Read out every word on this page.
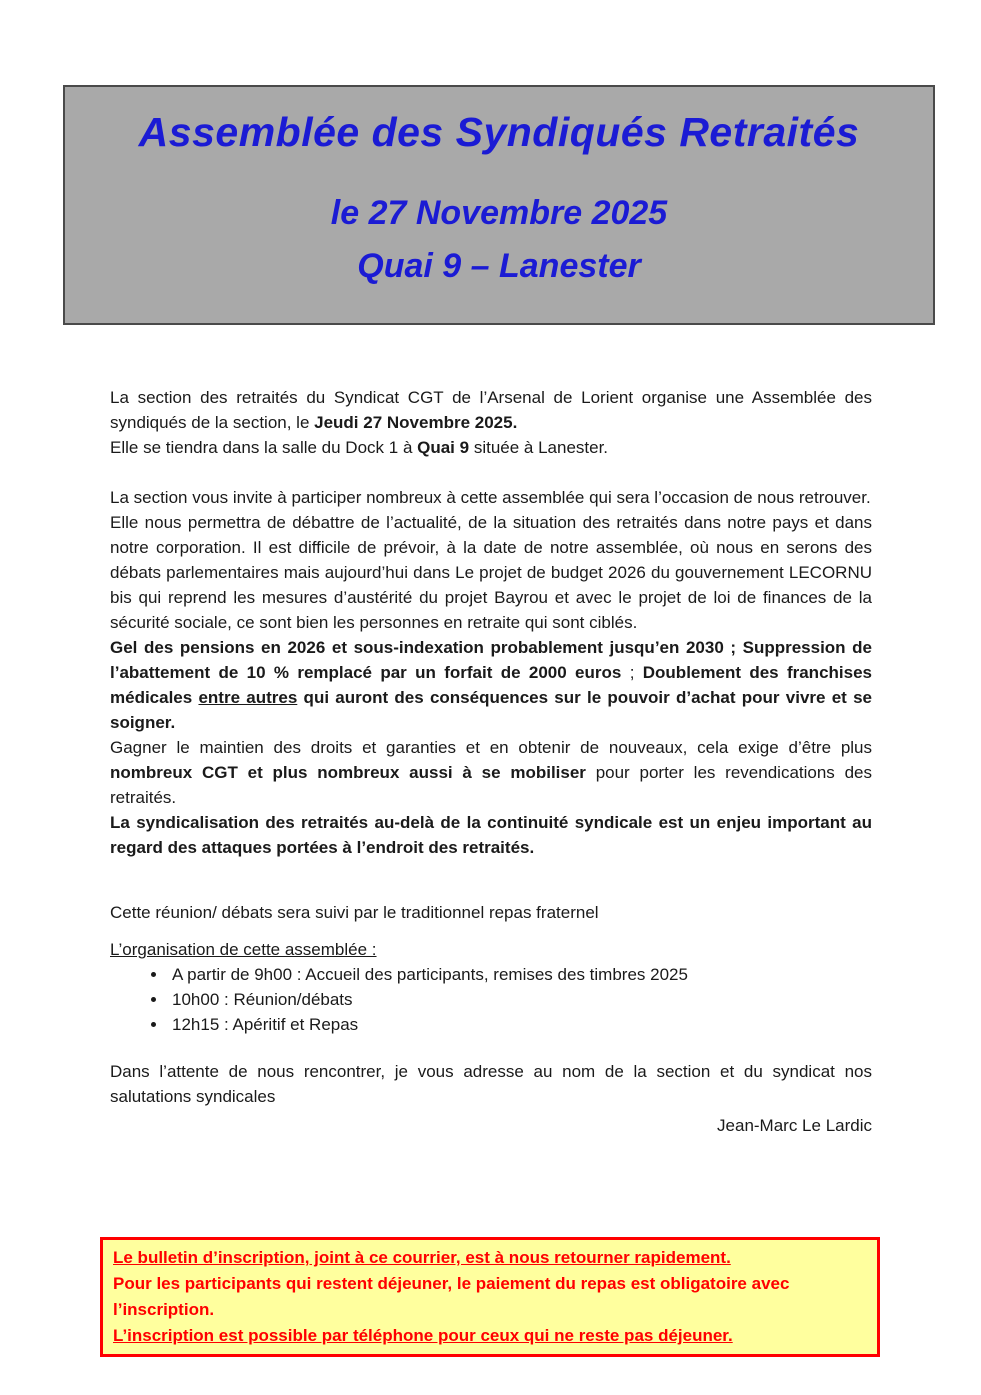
Assemblée des Syndiqués Retraités
le 27 Novembre 2025
Quai 9 – Lanester

La section des retraités du Syndicat CGT de l’Arsenal de Lorient organise une Assemblée des syndiqués de la section, le Jeudi 27 Novembre 2025.

Elle se tiendra dans la salle du Dock 1 à Quai 9 située à Lanester.

La section vous invite à participer nombreux à cette assemblée qui sera l’occasion de nous retrouver.

Elle nous permettra de débattre de l’actualité, de la situation des retraités dans notre pays et dans notre corporation. Il est difficile de prévoir, à la date de notre assemblée, où nous en serons des débats parlementaires mais aujourd’hui dans Le projet de budget 2026 du gouvernement LECORNU bis qui reprend les mesures d’austérité du projet Bayrou et avec le projet de loi de finances de la sécurité sociale, ce sont bien les personnes en retraite qui sont ciblés.

Gel des pensions en 2026 et sous-indexation probablement jusqu’en 2030 ; Suppression de l’abattement de 10 % remplacé par un forfait de 2000 euros ; Doublement des franchises médicales entre autres qui auront des conséquences sur le pouvoir d’achat pour vivre et se soigner.

Gagner le maintien des droits et garanties et en obtenir de nouveaux, cela exige d’être plus nombreux CGT et plus nombreux aussi à se mobiliser pour porter les revendications des retraités.

La syndicalisation des retraités au-delà de la continuité syndicale est un enjeu important au regard des attaques portées à l’endroit des retraités.

Cette réunion/ débats sera suivi par le traditionnel repas fraternel

L’organisation de cette assemblée :

• A partir de 9h00 : Accueil des participants, remises des timbres 2025
• 10h00 : Réunion/débats
• 12h15 : Apéritif et Repas

Dans l’attente de nous rencontrer, je vous adresse au nom de la section et du syndicat nos salutations syndicales

Jean-Marc Le Lardic

Le bulletin d’inscription, joint à ce courrier, est à nous retourner rapidement.

Pour les participants qui restent déjeuner, le paiement du repas est obligatoire avec l’inscription.

L’inscription est possible par téléphone pour ceux qui ne reste pas déjeuner.
